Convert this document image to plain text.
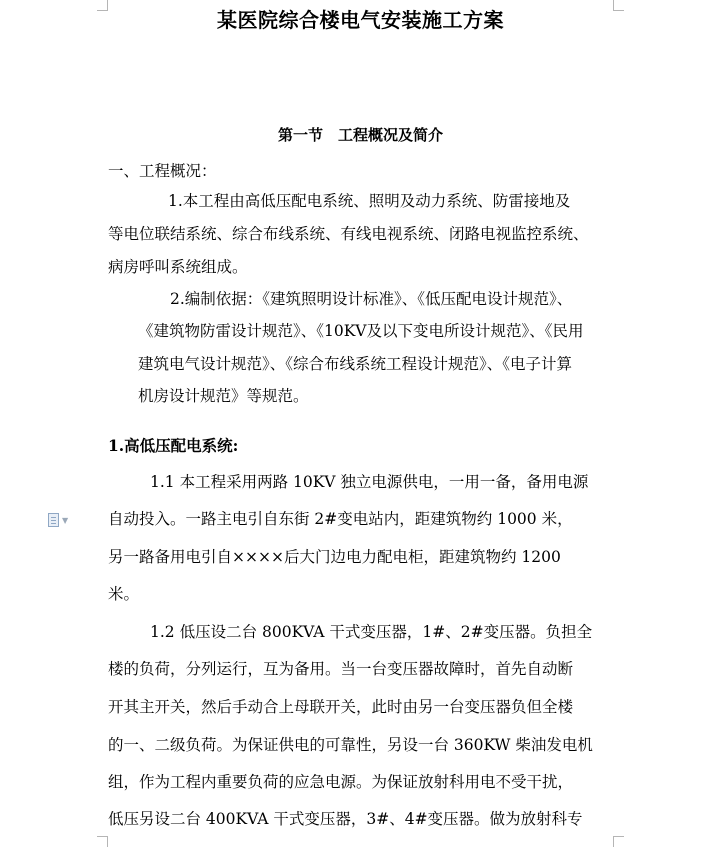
某医院综合楼电气安装施工方案
第一节　工程概况及简介
一、工程概况：
1.本工程由高低压配电系统、照明及动力系统、防雷接地及
等电位联结系统、综合布线系统、有线电视系统、闭路电视监控系统、
病房呼叫系统组成。
2.编制依据：《建筑照明设计标准》、《低压配电设计规范》、
《建筑物防雷设计规范》、《10KV及以下变电所设计规范》、《民用
建筑电气设计规范》、《综合布线系统工程设计规范》、《电子计算
机房设计规范》等规范。
1.高低压配电系统:
1.1 本工程采用两路 10KV 独立电源供电，一用一备，备用电源
自动投入。一路主电引自东街 2#变电站内，距建筑物约 1000 米，
另一路备用电引自××××后大门边电力配电柜，距建筑物约 1200
米。
1.2 低压设二台 800KVA 干式变压器，1#、2#变压器。负担全
楼的负荷，分列运行，互为备用。当一台变压器故障时，首先自动断
开其主开关，然后手动合上母联开关，此时由另一台变压器负但全楼
的一、二级负荷。为保证供电的可靠性，另设一台 360KW 柴油发电机
组，作为工程内重要负荷的应急电源。为保证放射科用电不受干扰，
低压另设二台 400KVA 干式变压器，3#、4#变压器。做为放射科专
▼
